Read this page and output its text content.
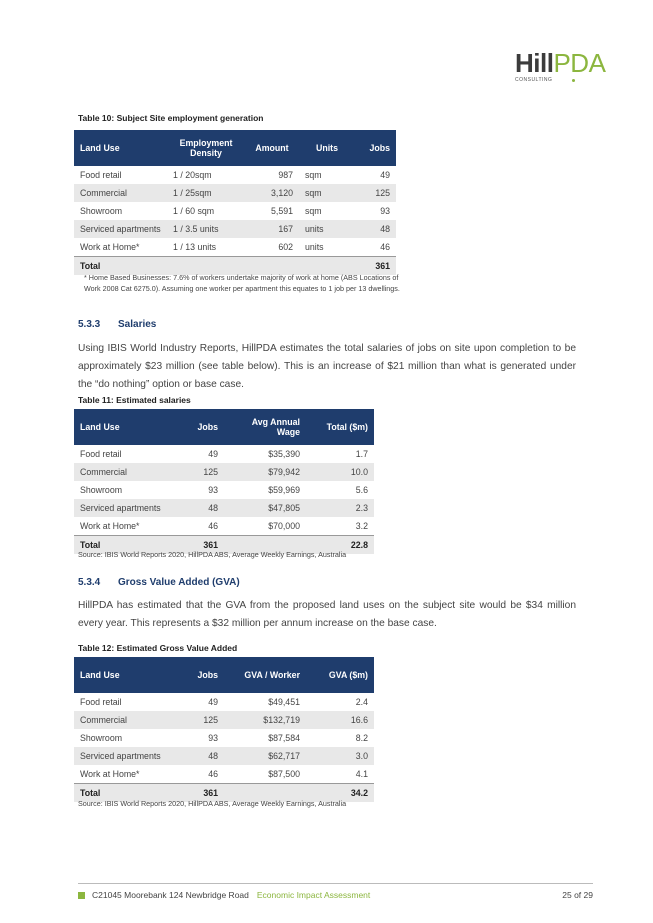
HillPDA
CONSULTING
Table 10: Subject Site employment generation
Land Use	Employment Density	Amount	Units	Jobs
Food retail	1 / 20sqm	987	sqm	49
Commercial	1 / 25sqm	3,120	sqm	125
Showroom	1 / 60 sqm	5,591	sqm	93
Serviced apartments	1 / 3.5 units	167	units	48
Work at Home*	1 / 13 units	602	units	46
Total				361
* Home Based Businesses: 7.6% of workers undertake majority of work at home (ABS Locations of Work 2008 Cat 6275.0). Assuming one worker per apartment this equates to 1 job per 13 dwellings.
5.3.3 Salaries
Using IBIS World Industry Reports, HillPDA estimates the total salaries of jobs on site upon completion to be approximately $23 million (see table below). This is an increase of $21 million than what is generated under the “do nothing” option or base case.
Table 11: Estimated salaries
Land Use	Jobs	Avg Annual Wage	Total ($m)
Food retail	49	$35,390	1.7
Commercial	125	$79,942	10.0
Showroom	93	$59,969	5.6
Serviced apartments	48	$47,805	2.3
Work at Home*	46	$70,000	3.2
Total	361		22.8
Source: IBIS World Reports 2020, HillPDA ABS, Average Weekly Earnings, Australia
5.3.4 Gross Value Added (GVA)
HillPDA has estimated that the GVA from the proposed land uses on the subject site would be $34 million every year. This represents a $32 million per annum increase on the base case.
Table 12: Estimated Gross Value Added
Land Use	Jobs	GVA / Worker	GVA ($m)
Food retail	49	$49,451	2.4
Commercial	125	$132,719	16.6
Showroom	93	$87,584	8.2
Serviced apartments	48	$62,717	3.0
Work at Home*	46	$87,500	4.1
Total	361		34.2
Source: IBIS World Reports 2020, HillPDA ABS, Average Weekly Earnings, Australia
C21045 Moorebank 124 Newbridge Road Economic Impact Assessment	25 of 29
